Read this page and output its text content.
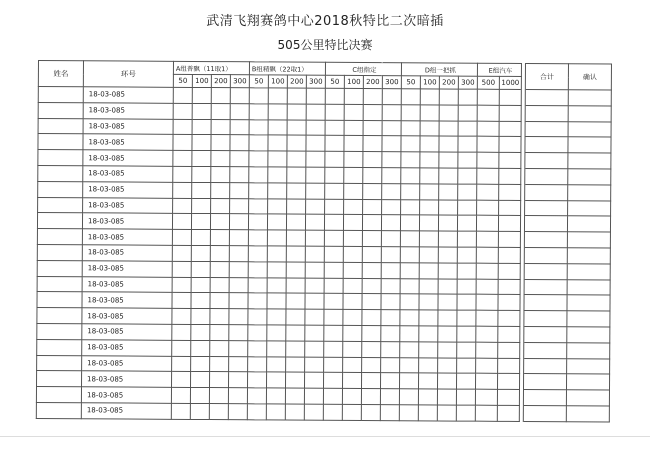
武清飞翔赛鸽中心2018秋特比二次暗插
505公里特比决赛
姓名	环号	A组普飘（11取1）				B组精飘（22取1）				C组指定				D组一把抓				E组汽车			合计	确认
		50	100	200	300	50	100	200	300	50	100	200	300	50	100	200	300	500	1000			
	18-03-085																					
	18-03-085																					
	18-03-085																					
	18-03-085																					
	18-03-085																					
	18-03-085																					
	18-03-085																					
	18-03-085																					
	18-03-085																					
	18-03-085																					
	18-03-085																					
	18-03-085																					
	18-03-085																					
	18-03-085																					
	18-03-085																					
	18-03-085																					
	18-03-085																					
	18-03-085																					
	18-03-085																					
	18-03-085																					
	18-03-085																					
